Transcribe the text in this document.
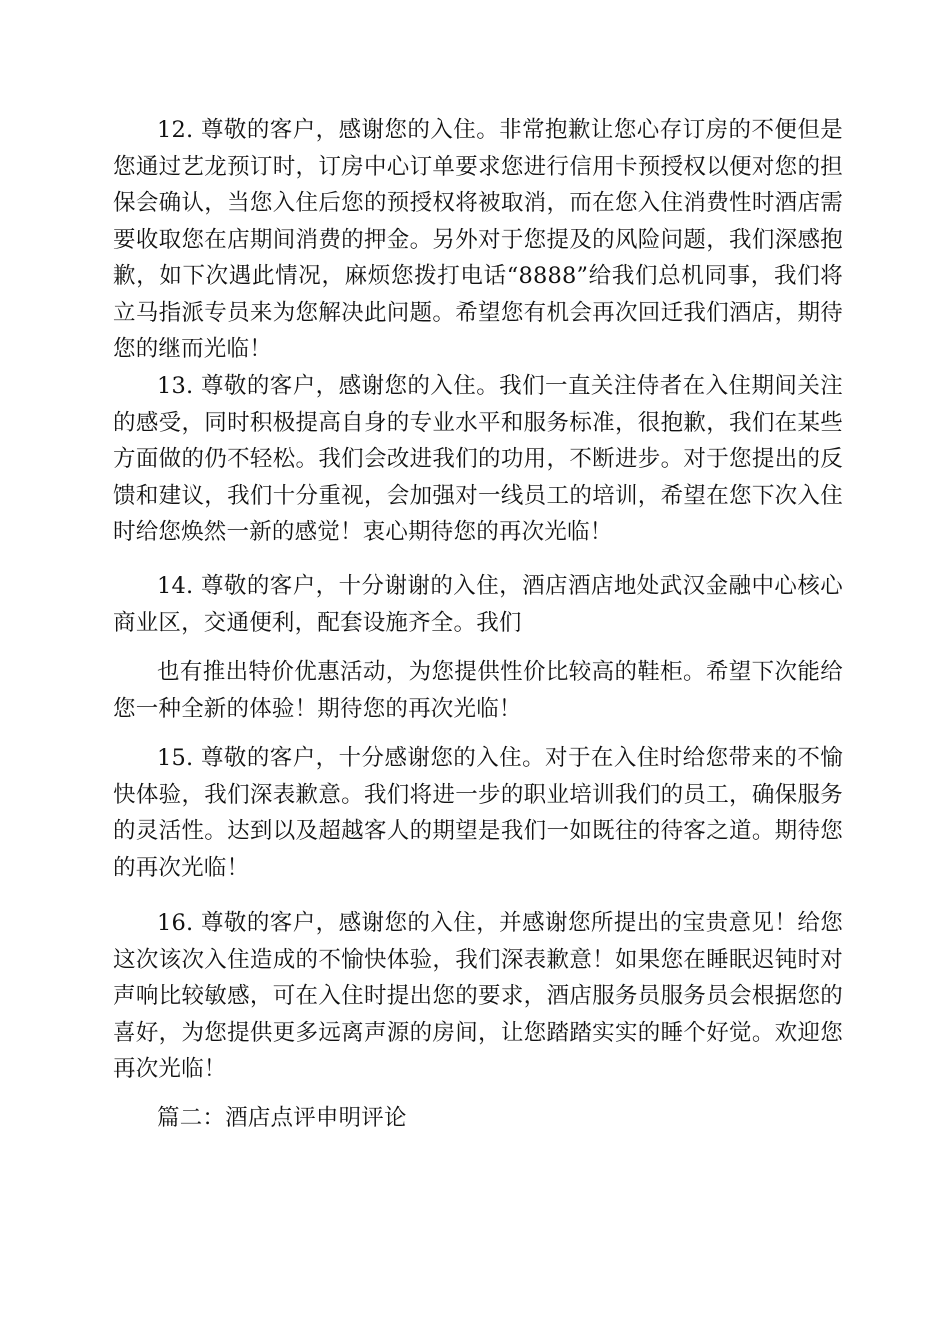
12. 尊敬的客户，感谢您的入住。非常抱歉让您心存订房的不便但是您通过艺龙预订时，订房中心订单要求您进行信用卡预授权以便对您的担保会确认，当您入住后您的预授权将被取消，而在您入住消费性时酒店需要收取您在店期间消费的押金。另外对于您提及的风险问题，我们深感抱歉，如下次遇此情况，麻烦您拨打电话“8888”给我们总机同事，我们将立马指派专员来为您解决此问题。希望您有机会再次回迁我们酒店，期待您的继而光临！

13. 尊敬的客户，感谢您的入住。我们一直关注侍者在入住期间关注的感受，同时积极提高自身的专业水平和服务标准，很抱歉，我们在某些方面做的仍不轻松。我们会改进我们的功用，不断进步。对于您提出的反馈和建议，我们十分重视，会加强对一线员工的培训，希望在您下次入住时给您焕然一新的感觉！衷心期待您的再次光临！

14. 尊敬的客户，十分谢谢的入住，酒店酒店地处武汉金融中心核心商业区，交通便利，配套设施齐全。我们

也有推出特价优惠活动，为您提供性价比较高的鞋柜。希望下次能给您一种全新的体验！期待您的再次光临！

15. 尊敬的客户，十分感谢您的入住。对于在入住时给您带来的不愉快体验，我们深表歉意。我们将进一步的职业培训我们的员工，确保服务的灵活性。达到以及超越客人的期望是我们一如既往的待客之道。期待您的再次光临！

16. 尊敬的客户，感谢您的入住，并感谢您所提出的宝贵意见！给您这次该次入住造成的不愉快体验，我们深表歉意！如果您在睡眠迟钝时对声响比较敏感，可在入住时提出您的要求，酒店服务员服务员会根据您的喜好，为您提供更多远离声源的房间，让您踏踏实实的睡个好觉。欢迎您再次光临！

篇二：酒店点评申明评论
